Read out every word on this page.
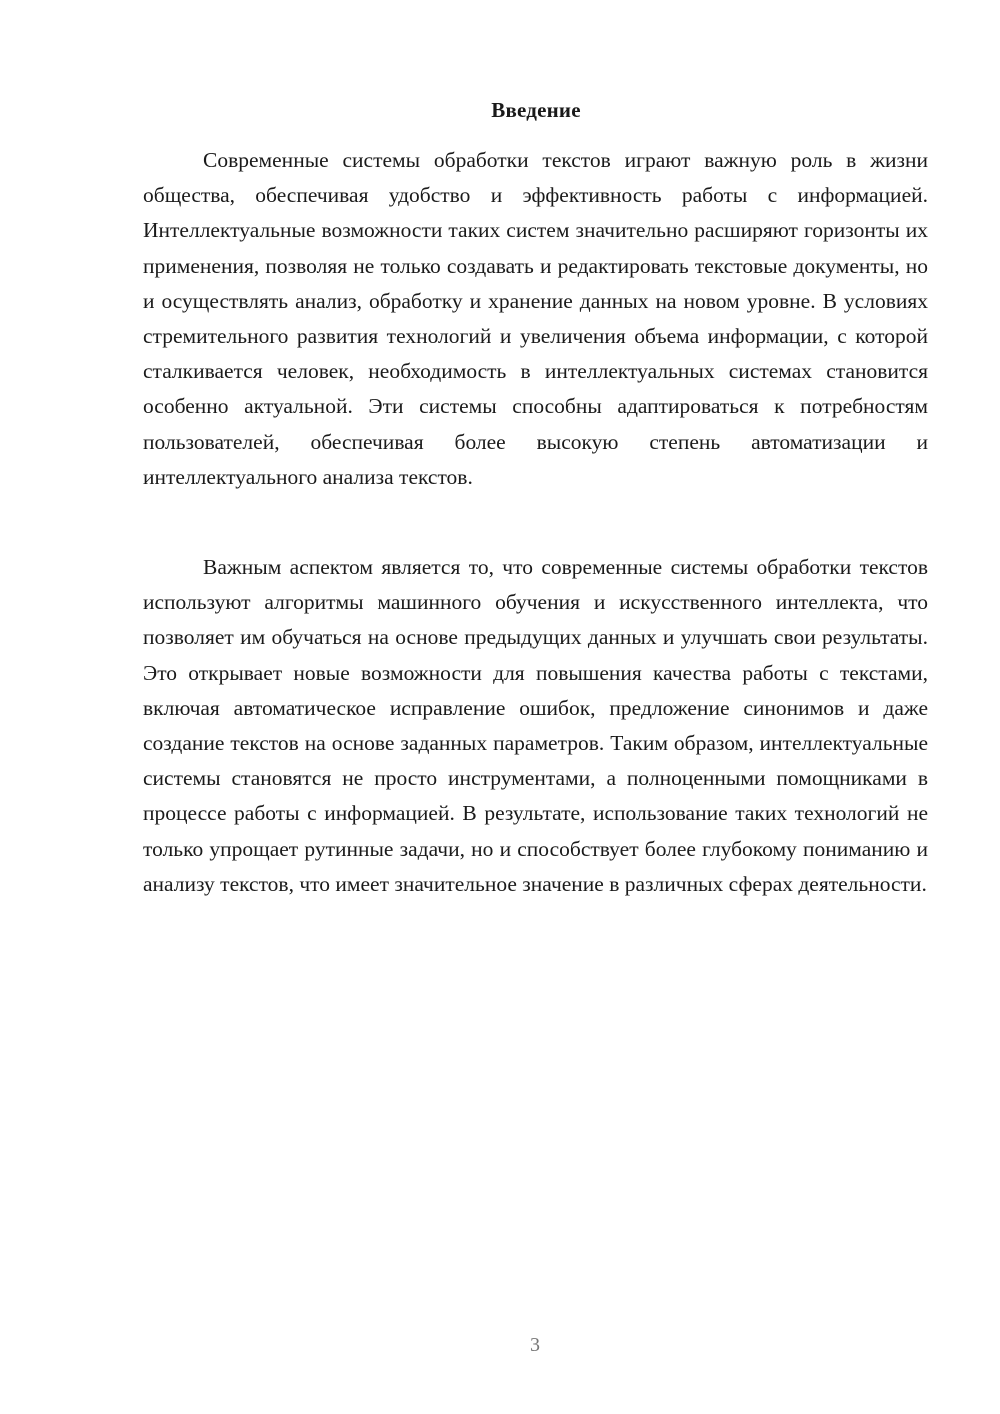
Введение

Современные системы обработки текстов играют важную роль в жизни общества, обеспечивая удобство и эффективность работы с информацией. Интеллектуальные возможности таких систем значительно расширяют горизонты их применения, позволяя не только создавать и редактировать текстовые документы, но и осуществлять анализ, обработку и хранение данных на новом уровне. В условиях стремительного развития технологий и увеличения объема информации, с которой сталкивается человек, необходимость в интеллектуальных системах становится особенно актуальной. Эти системы способны адаптироваться к потребностям пользователей, обеспечивая более высокую степень автоматизации и интеллектуального анализа текстов.

Важным аспектом является то, что современные системы обработки текстов используют алгоритмы машинного обучения и искусственного интеллекта, что позволяет им обучаться на основе предыдущих данных и улучшать свои результаты. Это открывает новые возможности для повышения качества работы с текстами, включая автоматическое исправление ошибок, предложение синонимов и даже создание текстов на основе заданных параметров. Таким образом, интеллектуальные системы становятся не просто инструментами, а полноценными помощниками в процессе работы с информацией. В результате, использование таких технологий не только упрощает рутинные задачи, но и способствует более глубокому пониманию и анализу текстов, что имеет значительное значение в различных сферах деятельности.

3
